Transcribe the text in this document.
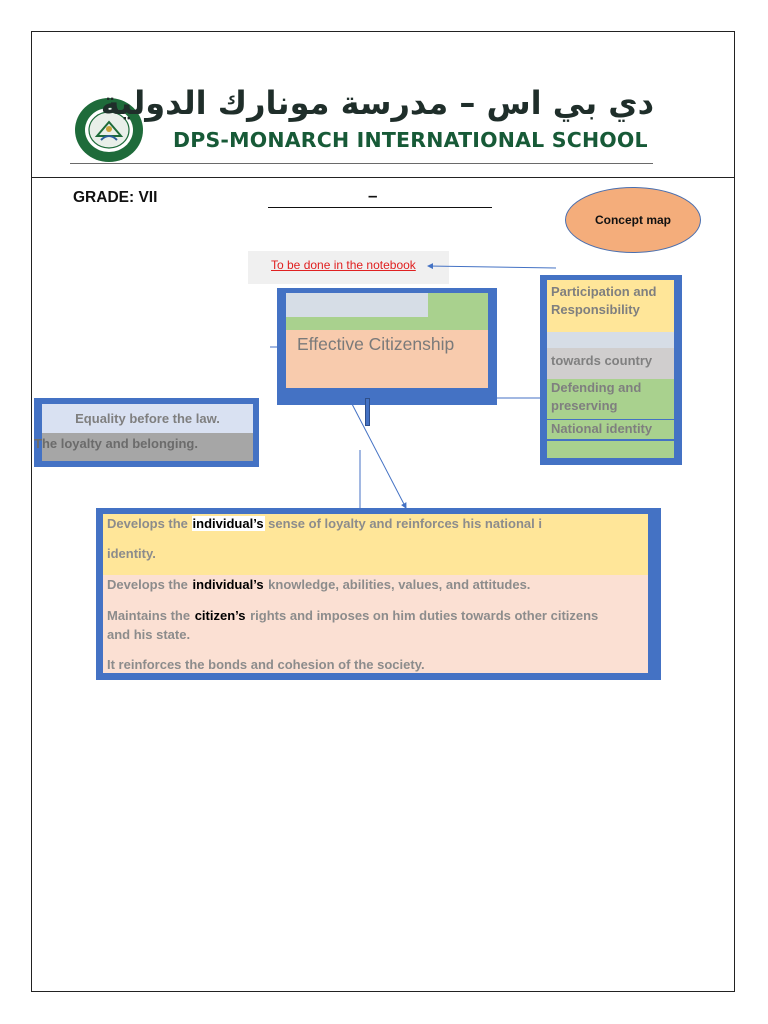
دي بي اس – مدرسة مونارك الدولية
DPS-MONARCH INTERNATIONAL SCHOOL
GRADE: VII	–
Concept map
To be done in the notebook
Effective Citizenship
Participation and Responsibility
towards country
Defending and preserving
National identity
Equality before the law.
The loyalty and belonging.
Develops the individual’s sense of loyalty and reinforces his national i
identity.
Develops the individual’s knowledge, abilities, values, and attitudes.
Maintains the citizen’s rights and imposes on him duties towards other citizens
and his state.
It reinforces the bonds and cohesion of the society.
